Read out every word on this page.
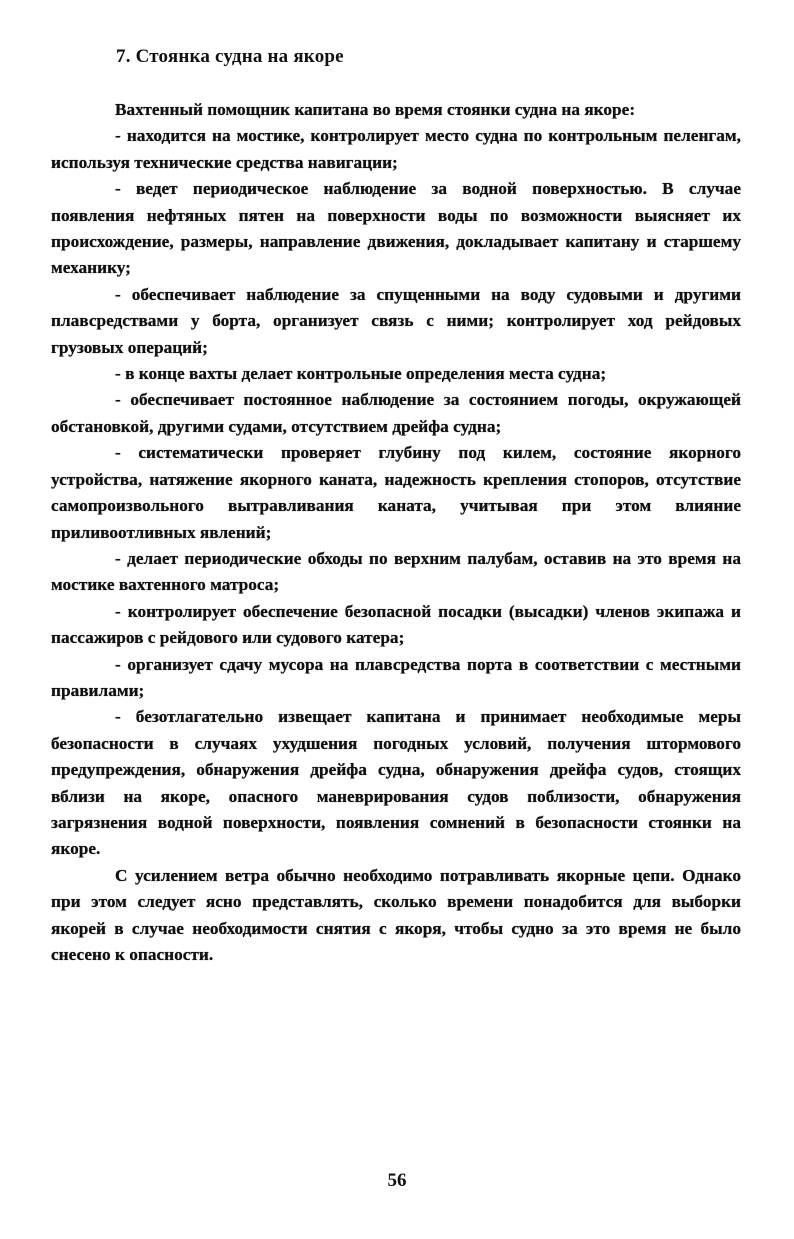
7. Стоянка судна на якоре

Вахтенный помощник капитана во время стоянки судна на якоре:

- находится на мостике, контролирует место судна по контрольным пеленгам, используя технические средства навигации;

- ведет периодическое наблюдение за водной поверхностью. В случае появления нефтяных пятен на поверхности воды по возможности выясняет их происхождение, размеры, направление движения, докладывает капитану и старшему механику;

- обеспечивает наблюдение за спущенными на воду судовыми и другими плавсредствами у борта, организует связь с ними; контролирует ход рейдовых грузовых операций;

- в конце вахты делает контрольные определения места судна;

- обеспечивает постоянное наблюдение за состоянием погоды, окружающей обстановкой, другими судами, отсутствием дрейфа судна;

- систематически проверяет глубину под килем, состояние якорного устройства, натяжение якорного каната, надежность крепления стопоров, отсутствие самопроизвольного вытравливания каната, учитывая при этом влияние приливоотливных явлений;

- делает периодические обходы по верхним палубам, оставив на это время на мостике вахтенного матроса;

- контролирует обеспечение безопасной посадки (высадки) членов экипажа и пассажиров с рейдового или судового катера;

- организует сдачу мусора на плавсредства порта в соответствии с местными правилами;

- безотлагательно извещает капитана и принимает необходимые меры безопасности в случаях ухудшения погодных условий, получения штормового предупреждения, обнаружения дрейфа судна, обнаружения дрейфа судов, стоящих вблизи на якоре, опасного маневрирования судов поблизости, обнаружения загрязнения водной поверхности, появления сомнений в безопасности стоянки на якоре.

С усилением ветра обычно необходимо потравливать якорные цепи. Однако при этом следует ясно представлять, сколько времени понадобится для выборки якорей в случае необходимости снятия с якоря, чтобы судно за это время не было снесено к опасности.

56
